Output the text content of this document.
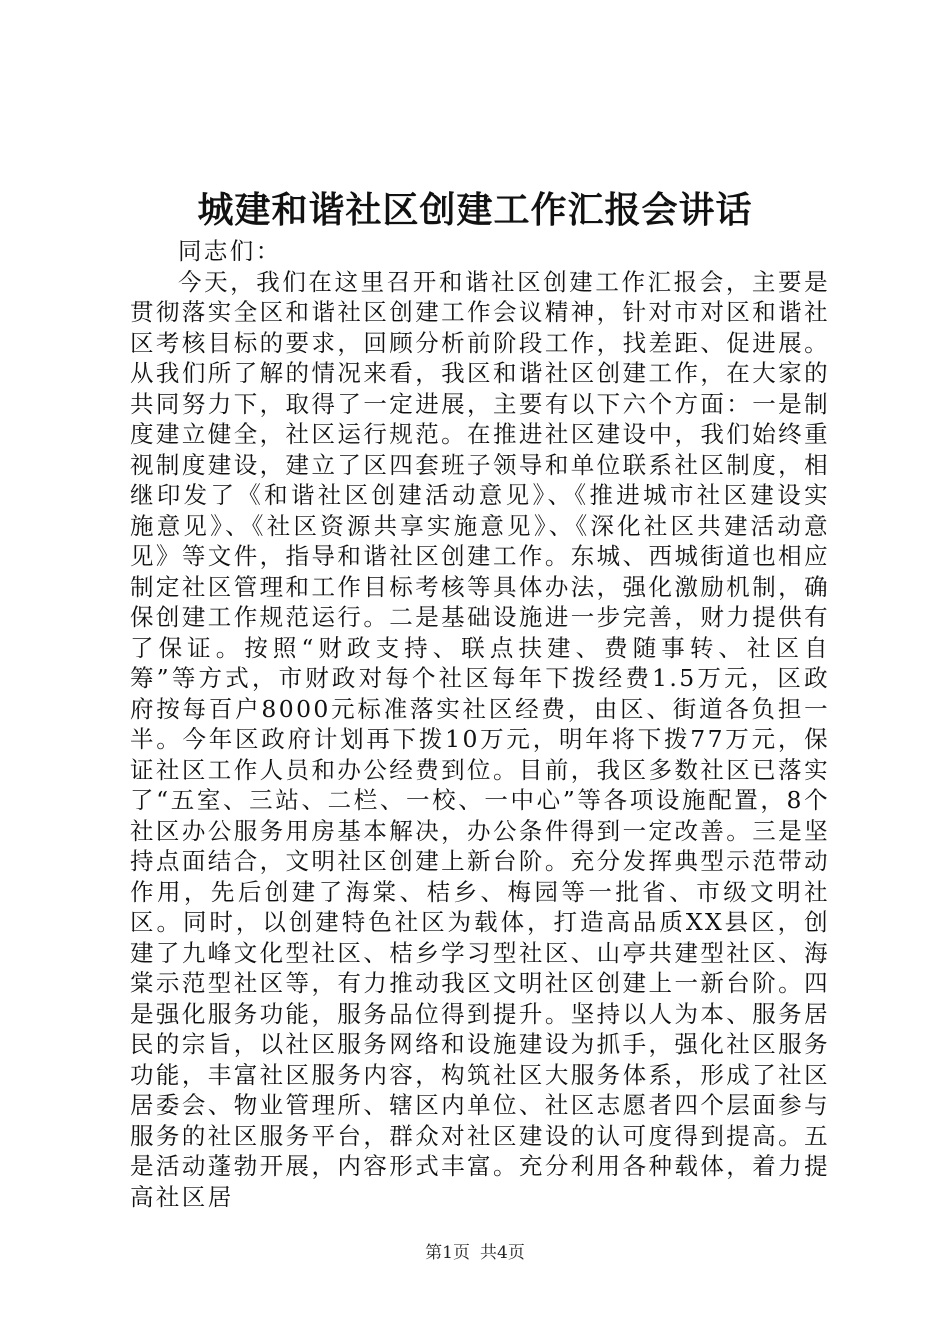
城建和谐社区创建工作汇报会讲话

同志们：

今天，我们在这里召开和谐社区创建工作汇报会，主要是贯彻落实全区和谐社区创建工作会议精神，针对市对区和谐社区考核目标的要求，回顾分析前阶段工作，找差距、促进展。从我们所了解的情况来看，我区和谐社区创建工作，在大家的共同努力下，取得了一定进展，主要有以下六个方面：一是制度建立健全，社区运行规范。在推进社区建设中，我们始终重视制度建设，建立了区四套班子领导和单位联系社区制度，相继印发了《和谐社区创建活动意见》、《推进城市社区建设实施意见》、《社区资源共享实施意见》、《深化社区共建活动意见》等文件，指导和谐社区创建工作。东城、西城街道也相应制定社区管理和工作目标考核等具体办法，强化激励机制，确保创建工作规范运行。二是基础设施进一步完善，财力提供有了保证。按照“财政支持、联点扶建、费随事转、社区自筹”等方式，市财政对每个社区每年下拨经费1.5万元，区政府按每百户8000元标准落实社区经费，由区、街道各负担一半。今年区政府计划再下拨10万元，明年将下拨77万元，保证社区工作人员和办公经费到位。目前，我区多数社区已落实了“五室、三站、二栏、一校、一中心”等各项设施配置，8个社区办公服务用房基本解决，办公条件得到一定改善。三是坚持点面结合，文明社区创建上新台阶。充分发挥典型示范带动作用，先后创建了海棠、桔乡、梅园等一批省、市级文明社区。同时，以创建特色社区为载体，打造高品质XX县区，创建了九峰文化型社区、桔乡学习型社区、山亭共建型社区、海棠示范型社区等，有力推动我区文明社区创建上一新台阶。四是强化服务功能，服务品位得到提升。坚持以人为本、服务居民的宗旨，以社区服务网络和设施建设为抓手，强化社区服务功能，丰富社区服务内容，构筑社区大服务体系，形成了社区居委会、物业管理所、辖区内单位、社区志愿者四个层面参与服务的社区服务平台，群众对社区建设的认可度得到提高。五是活动蓬勃开展，内容形式丰富。充分利用各种载体，着力提高社区居

第1页 共4页
